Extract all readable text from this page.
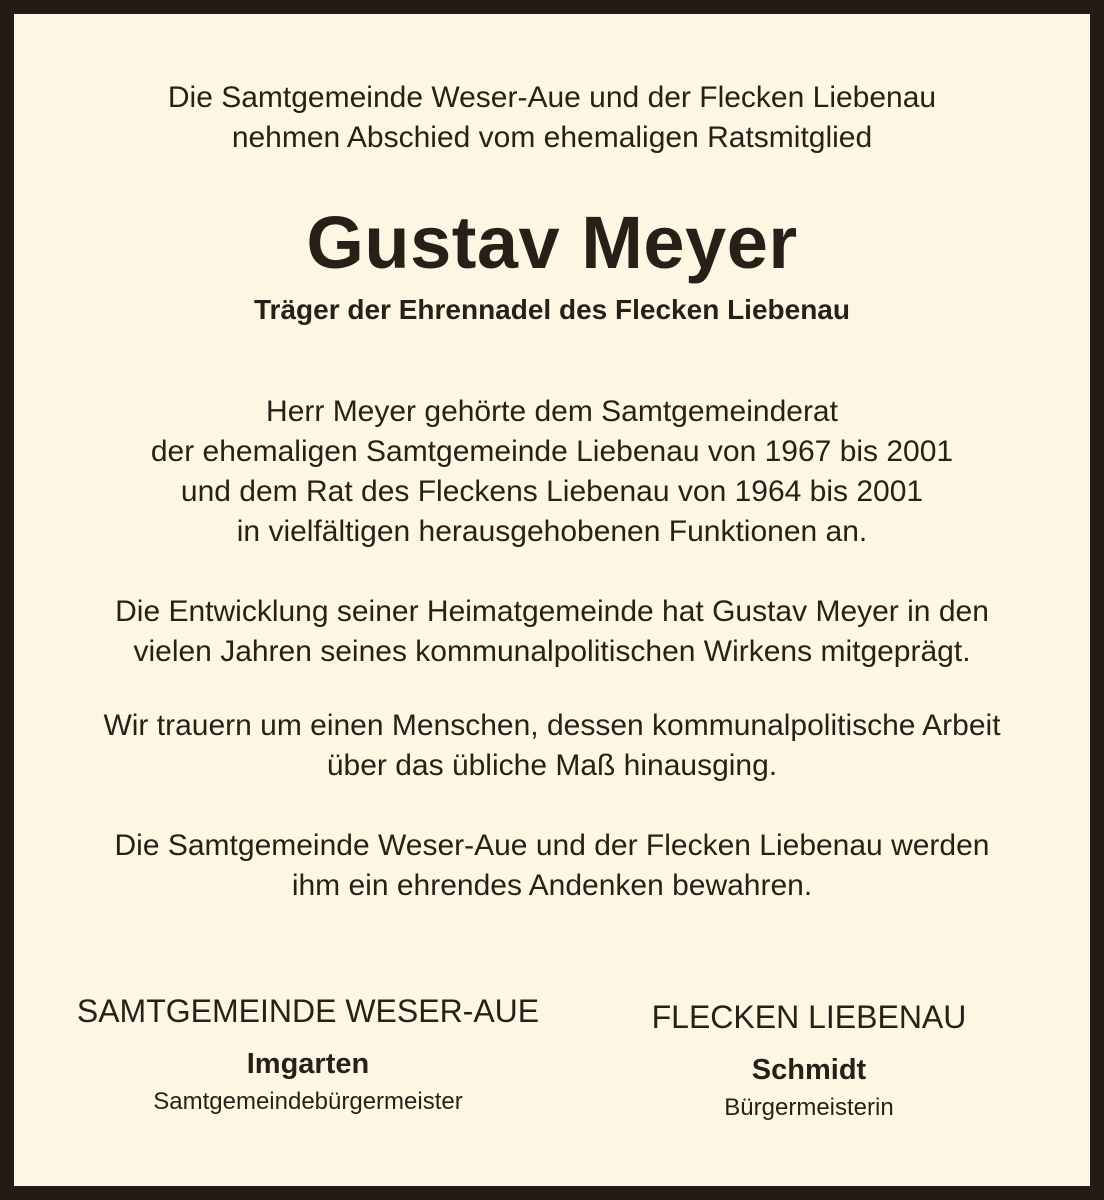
Die Samtgemeinde Weser-Aue und der Flecken Liebenau

nehmen Abschied vom ehemaligen Ratsmitglied

Gustav Meyer
Träger der Ehrennadel des Flecken Liebenau

Herr Meyer gehörte dem Samtgemeinderat

der ehemaligen Samtgemeinde Liebenau von 1967 bis 2001

und dem Rat des Fleckens Liebenau von 1964 bis 2001

in vielfältigen herausgehobenen Funktionen an.

Die Entwicklung seiner Heimatgemeinde hat Gustav Meyer in den

vielen Jahren seines kommunalpolitischen Wirkens mitgeprägt.

Wir trauern um einen Menschen, dessen kommunalpolitische Arbeit

über das übliche Maß hinausging.

Die Samtgemeinde Weser-Aue und der Flecken Liebenau werden

ihm ein ehrendes Andenken bewahren.

SAMTGEMEINDE WESER-AUE
Imgarten
Samtgemeindebürgermeister
FLECKEN LIEBENAU
Schmidt
Bürgermeisterin
